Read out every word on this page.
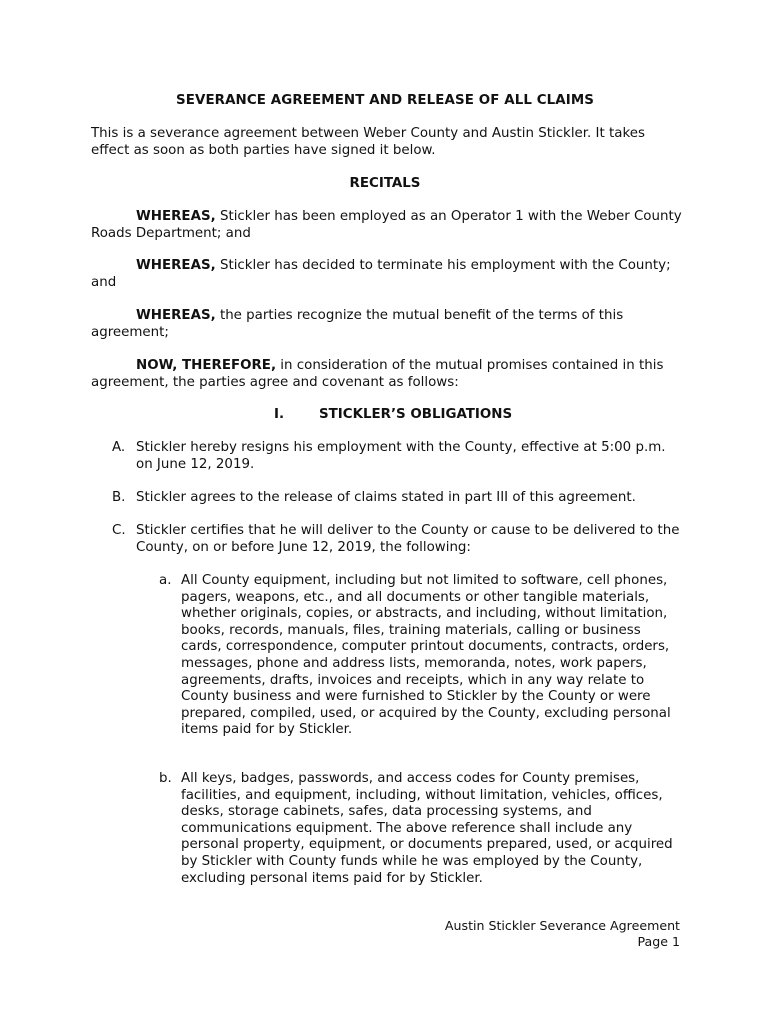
SEVERANCE AGREEMENT AND RELEASE OF ALL CLAIMS

This is a severance agreement between Weber County and Austin Stickler. It takes effect as soon as both parties have signed it below.

RECITALS

WHEREAS, Stickler has been employed as an Operator 1 with the Weber County Roads Department; and

WHEREAS, Stickler has decided to terminate his employment with the County; and

WHEREAS, the parties recognize the mutual benefit of the terms of this agreement;

NOW, THEREFORE, in consideration of the mutual promises contained in this agreement, the parties agree and covenant as follows:

I.	STICKLER’S OBLIGATIONS
A. Stickler hereby resigns his employment with the County, effective at 5:00 p.m. on June 12, 2019.
B. Stickler agrees to the release of claims stated in part III of this agreement.
C. Stickler certifies that he will deliver to the County or cause to be delivered to the County, on or before June 12, 2019, the following:
a. All County equipment, including but not limited to software, cell phones, pagers, weapons, etc., and all documents or other tangible materials, whether originals, copies, or abstracts, and including, without limitation, books, records, manuals, files, training materials, calling or business cards, correspondence, computer printout documents, contracts, orders, messages, phone and address lists, memoranda, notes, work papers, agreements, drafts, invoices and receipts, which in any way relate to County business and were furnished to Stickler by the County or were prepared, compiled, used, or acquired by the County, excluding personal items paid for by Stickler.
b. All keys, badges, passwords, and access codes for County premises, facilities, and equipment, including, without limitation, vehicles, offices, desks, storage cabinets, safes, data processing systems, and communications equipment. The above reference shall include any personal property, equipment, or documents prepared, used, or acquired by Stickler with County funds while he was employed by the County, excluding personal items paid for by Stickler.
Austin Stickler Severance Agreement
Page 1
